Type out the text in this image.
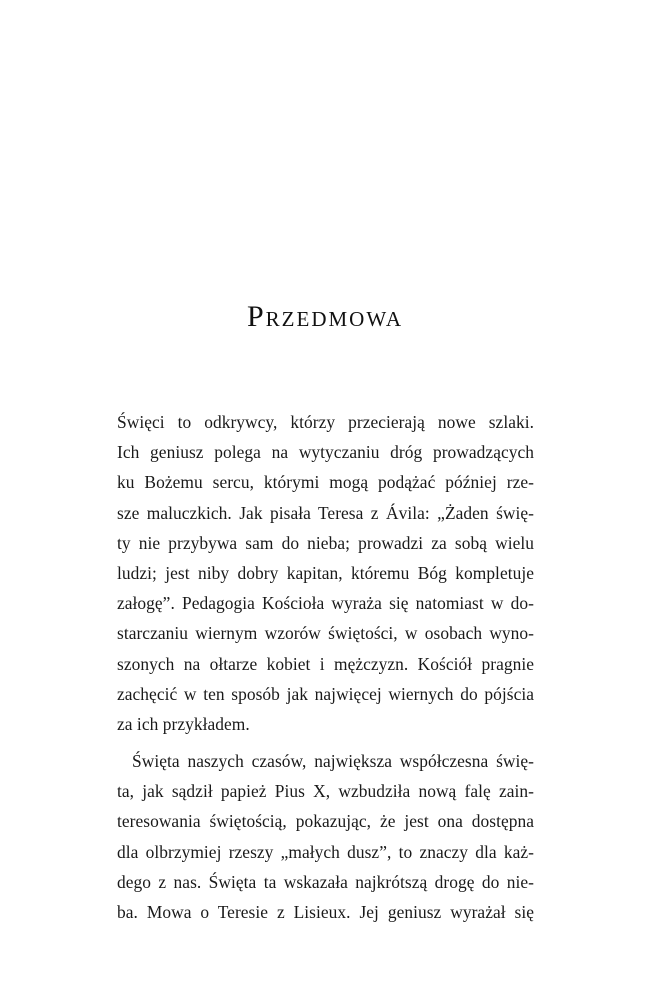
Przedmowa
Święci to odkrywcy, którzy przecierają nowe szlaki.
Ich geniusz polega na wytyczaniu dróg prowadzących
ku Bożemu sercu, którymi mogą podążać później rze-
sze maluczkich. Jak pisała Teresa z Ávila: „Żaden świę-
ty nie przybywa sam do nieba; prowadzi za sobą wielu
ludzi; jest niby dobry kapitan, któremu Bóg kompletuje
załogę”. Pedagogia Kościoła wyraża się natomiast w do-
starczaniu wiernym wzorów świętości, w osobach wyno-
szonych na ołtarze kobiet i mężczyzn. Kościół pragnie
zachęcić w ten sposób jak najwięcej wiernych do pójścia
za ich przykładem.
Święta naszych czasów, największa współczesna świę-
ta, jak sądził papież Pius X, wzbudziła nową falę zain-
teresowania świętością, pokazując, że jest ona dostępna
dla olbrzymiej rzeszy „małych dusz”, to znaczy dla każ-
dego z nas. Święta ta wskazała najkrótszą drogę do nie-
ba. Mowa o Teresie z Lisieux. Jej geniusz wyrażał się
